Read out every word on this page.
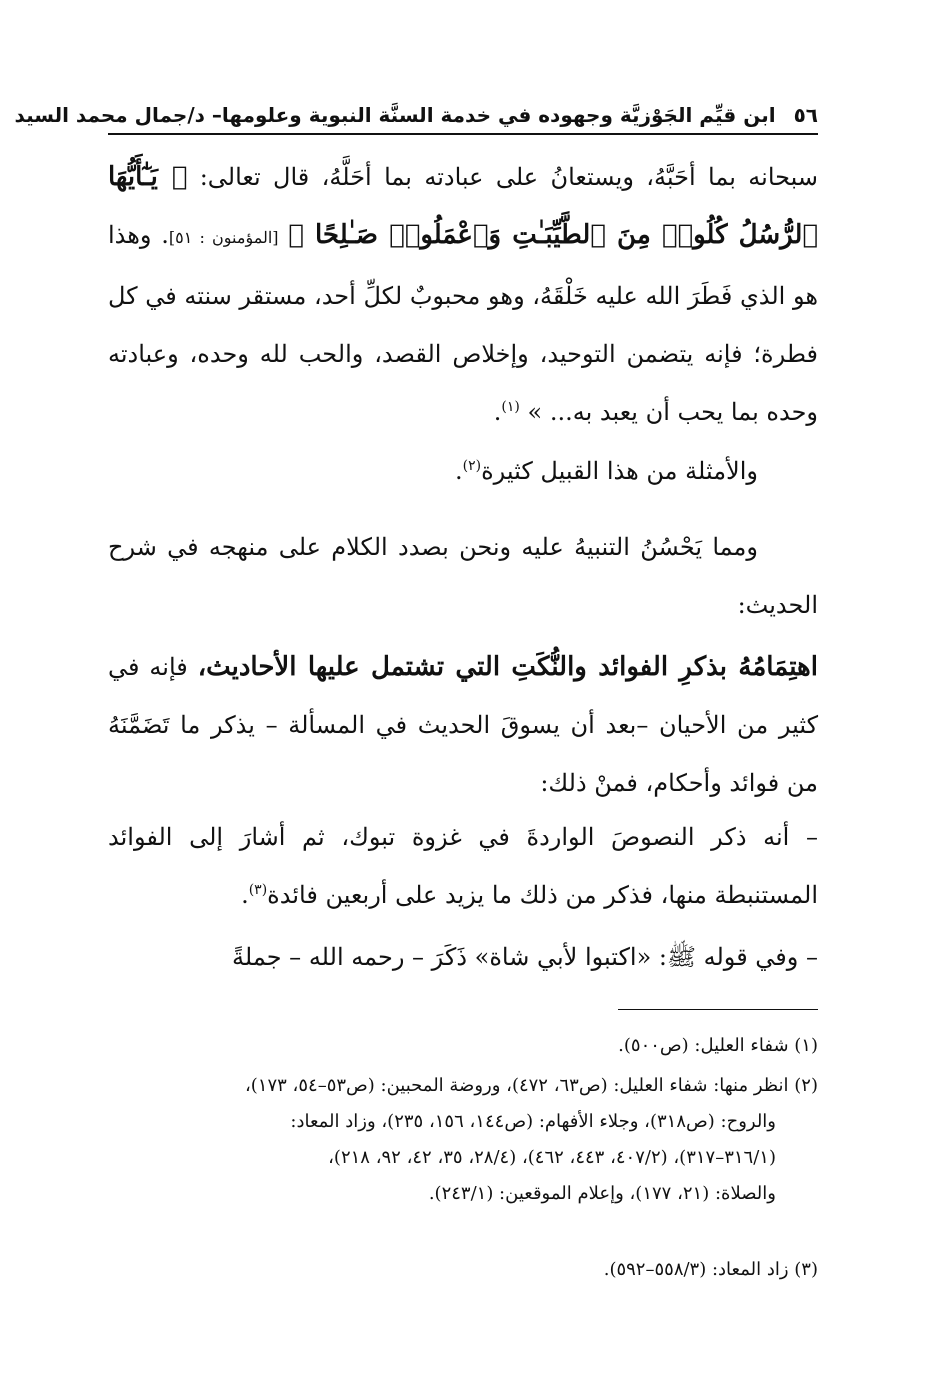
٥٦
ابن قيِّم الجَوْزيَّة وجهوده في خدمة السنَّة النبوية وعلومها– د/جمال محمد السيد

سبحانه بما أحَبَّهُ، ويستعانُ على عبادته بما أحَلَّهُ، قال تعالى: ﴿ يَـٰٓأَيُّهَا ٱلرُّسُلُ كُلُوا۟ مِنَ ٱلطَّيِّبَـٰتِ وَٱعْمَلُوا۟ صَـٰلِحًا ﴾ [المؤمنون : ٥١]. وهذا هو الذي فَطَرَ الله عليه خَلْقَهُ، وهو محبوبٌ لكلِّ أحد، مستقر سنته في كل فطرة؛ فإنه يتضمن التوحيد، وإخلاص القصد، والحب لله وحده، وعبادته وحده بما يحب أن يعبد به... » $^{(١)}$.

والأمثلة من هذا القبيل كثيرة$^{(٢)}$.

ومما يَحْسُنُ التنبيهُ عليه ونحن بصدد الكلام على منهجه في شرح الحديث:

اهتِمَامُهُ بذكرِ الفوائد والنُّكَتِ التي تشتمل عليها الأحاديث، فإنه في كثير من الأحيان –بعد أن يسوقَ الحديث في المسألة – يذكر ما تَضَمَّنَهُ من فوائد وأحكام، فمنْ ذلك:

– أنه ذكر النصوصَ الواردةَ في غزوة تبوك، ثم أشارَ إلى الفوائد المستنبطة منها، فذكر من ذلك ما يزيد على أربعين فائدة$^{(٣)}$.

– وفي قوله ﷺ: «اكتبوا لأبي شاة» ذَكَرَ – رحمه الله – جملةً

(١) شفاء العليل: (ص٥٠٠).

(٢) انظر منها: شفاء العليل: (ص٦٣، ٤٧٢)، وروضة المحبين: (ص٥٣–٥٤، ١٧٣)،
والروح: (ص٣١٨)، وجلاء الأفهام: (ص١٤٤، ١٥٦، ٢٣٥)، وزاد المعاد:
(٣١٦/١–٣١٧)، (٤٠٧/٢، ٤٤٣، ٤٦٢)، (٢٨/٤، ٣٥، ٤٢، ٩٢، ٢١٨)،
والصلاة: (٢١، ١٧٧)، وإعلام الموقعين: (٢٤٣/١).

(٣) زاد المعاد: (٥٥٨/٣–٥٩٢).
